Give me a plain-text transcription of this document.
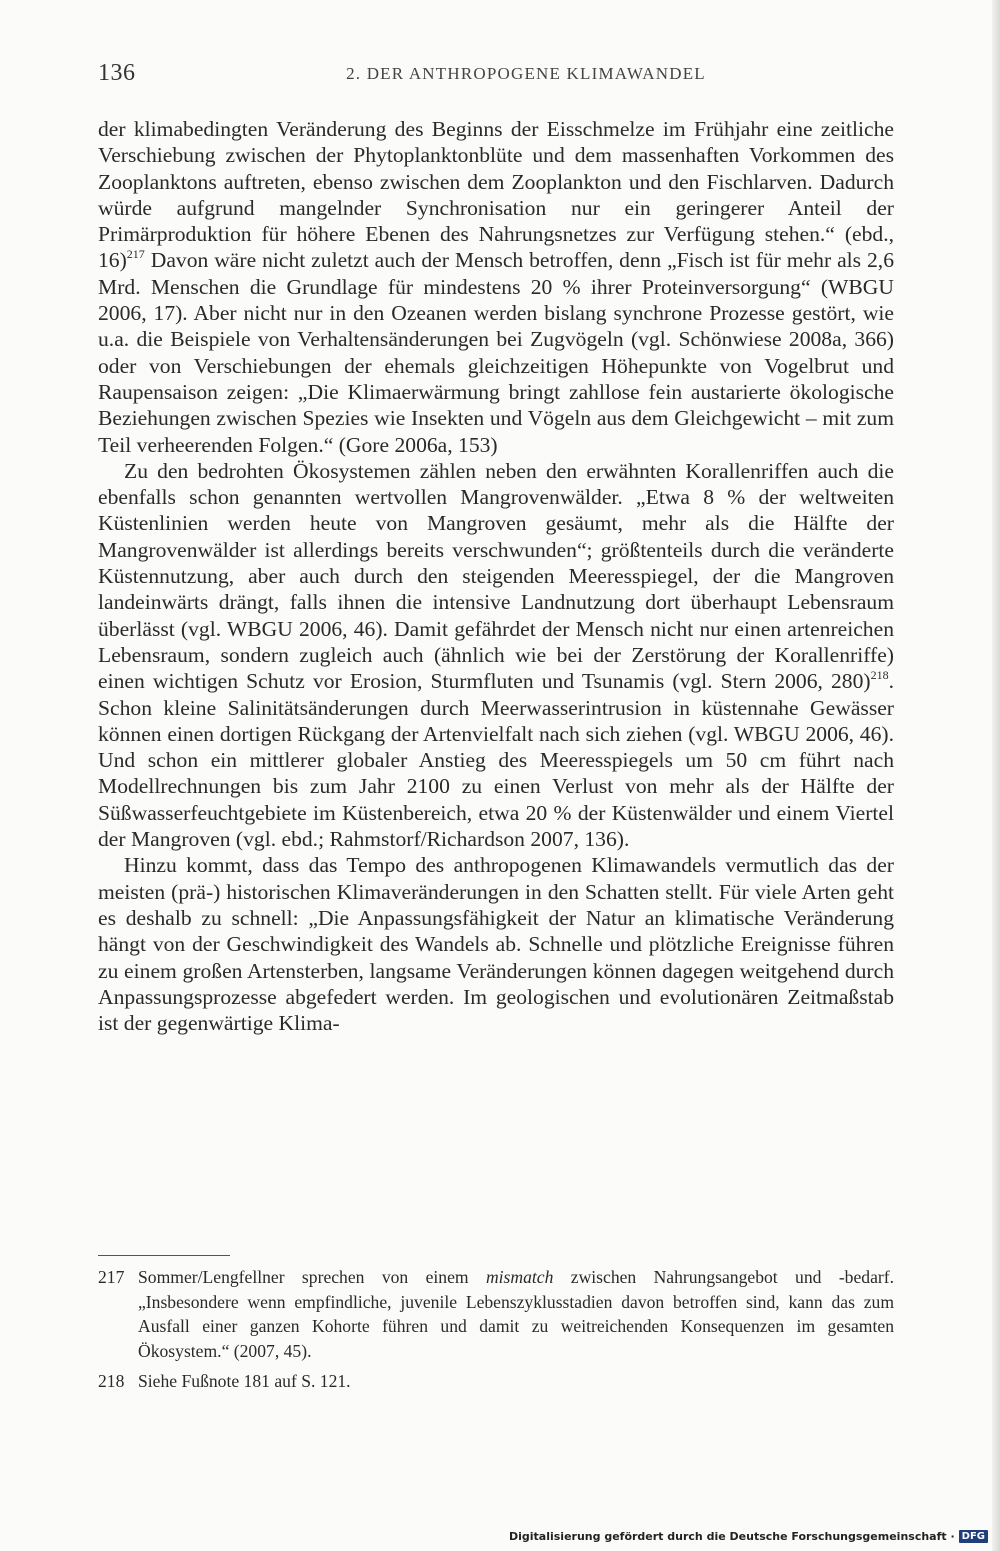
136	2. DER ANTHROPOGENE KLIMAWANDEL

der klimabedingten Veränderung des Beginns der Eisschmelze im Frühjahr eine zeitliche Verschiebung zwischen der Phytoplanktonblüte und dem massenhaften Vorkommen des Zooplanktons auftreten, ebenso zwischen dem Zooplankton und den Fischlarven. Dadurch würde aufgrund mangelnder Synchronisation nur ein geringerer Anteil der Primärproduktion für höhere Ebenen des Nahrungsnetzes zur Verfügung stehen.“ (ebd., 16)$^{217}$ Davon wäre nicht zuletzt auch der Mensch betroffen, denn „Fisch ist für mehr als 2,6 Mrd. Menschen die Grundlage für mindestens 20 % ihrer Proteinversorgung“ (WBGU 2006, 17). Aber nicht nur in den Ozeanen werden bislang synchrone Prozesse gestört, wie u.a. die Beispiele von Verhaltensänderungen bei Zugvögeln (vgl. Schönwiese 2008a, 366) oder von Verschiebungen der ehemals gleichzeitigen Höhepunkte von Vogelbrut und Raupensaison zeigen: „Die Klimaerwärmung bringt zahllose fein austarierte ökologische Beziehungen zwischen Spezies wie Insekten und Vögeln aus dem Gleichgewicht – mit zum Teil verheerenden Folgen.“ (Gore 2006a, 153)

Zu den bedrohten Ökosystemen zählen neben den erwähnten Korallenriffen auch die ebenfalls schon genannten wertvollen Mangrovenwälder. „Etwa 8 % der weltweiten Küstenlinien werden heute von Mangroven gesäumt, mehr als die Hälfte der Mangrovenwälder ist allerdings bereits verschwunden“; größtenteils durch die veränderte Küstennutzung, aber auch durch den steigenden Meeresspiegel, der die Mangroven landeinwärts drängt, falls ihnen die intensive Landnutzung dort überhaupt Lebensraum überlässt (vgl. WBGU 2006, 46). Damit gefährdet der Mensch nicht nur einen artenreichen Lebensraum, sondern zugleich auch (ähnlich wie bei der Zerstörung der Korallenriffe) einen wichtigen Schutz vor Erosion, Sturmfluten und Tsunamis (vgl. Stern 2006, 280)$^{218}$. Schon kleine Salinitätsänderungen durch Meerwasserintrusion in küstennahe Gewässer können einen dortigen Rückgang der Artenvielfalt nach sich ziehen (vgl. WBGU 2006, 46). Und schon ein mittlerer globaler Anstieg des Meeresspiegels um 50 cm führt nach Modellrechnungen bis zum Jahr 2100 zu einen Verlust von mehr als der Hälfte der Süßwasserfeuchtgebiete im Küstenbereich, etwa 20 % der Küstenwälder und einem Viertel der Mangroven (vgl. ebd.; Rahmstorf/Richardson 2007, 136).

Hinzu kommt, dass das Tempo des anthropogenen Klimawandels vermutlich das der meisten (prä-) historischen Klimaveränderungen in den Schatten stellt. Für viele Arten geht es deshalb zu schnell: „Die Anpassungsfähigkeit der Natur an klimatische Veränderung hängt von der Geschwindigkeit des Wandels ab. Schnelle und plötzliche Ereignisse führen zu einem großen Artensterben, langsame Veränderungen können dagegen weitgehend durch Anpassungsprozesse abgefedert werden. Im geologischen und evolutionären Zeitmaßstab ist der gegenwärtige Klima-

217 Sommer/Lengfellner sprechen von einem mismatch zwischen Nahrungsangebot und -bedarf. „Insbesondere wenn empfindliche, juvenile Lebenszyklusstadien davon betroffen sind, kann das zum Ausfall einer ganzen Kohorte führen und damit zu weitreichenden Konsequenzen im gesamten Ökosystem.“ (2007, 45).
218 Siehe Fußnote 181 auf S. 121.
Digitalisierung gefördert durch die Deutsche Forschungsgemeinschaft · DFG
